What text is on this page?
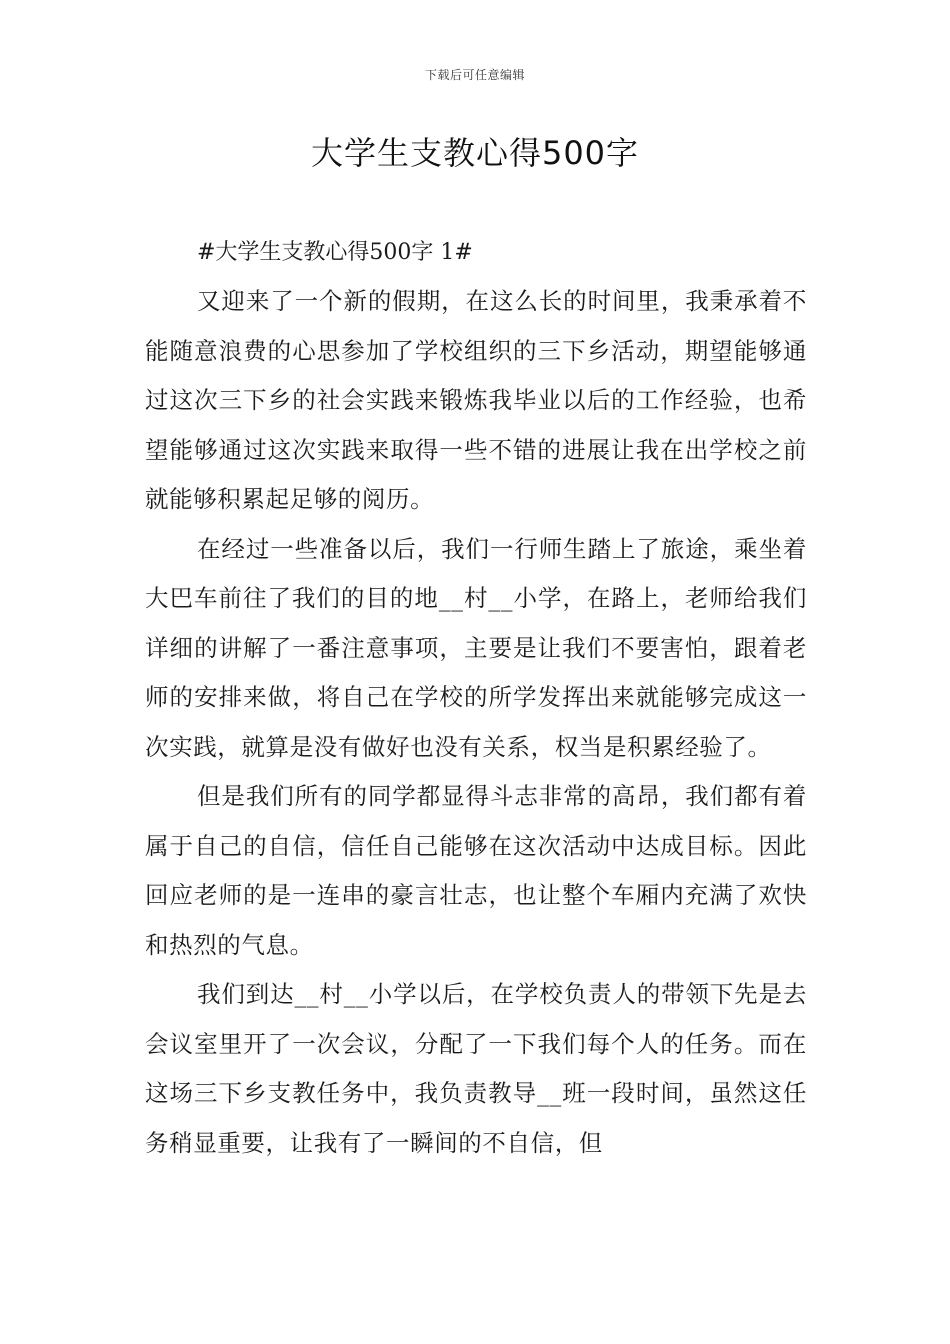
下载后可任意编辑
大学生支教心得500字

#大学生支教心得500字 1#

又迎来了一个新的假期，在这么长的时间里，我秉承着不能随意浪费的心思参加了学校组织的三下乡活动，期望能够通过这次三下乡的社会实践来锻炼我毕业以后的工作经验，也希望能够通过这次实践来取得一些不错的进展让我在出学校之前就能够积累起足够的阅历。

在经过一些准备以后，我们一行师生踏上了旅途，乘坐着大巴车前往了我们的目的地__村__小学，在路上，老师给我们详细的讲解了一番注意事项，主要是让我们不要害怕，跟着老师的安排来做，将自己在学校的所学发挥出来就能够完成这一次实践，就算是没有做好也没有关系，权当是积累经验了。

但是我们所有的同学都显得斗志非常的高昂，我们都有着属于自己的自信，信任自己能够在这次活动中达成目标。因此回应老师的是一连串的豪言壮志，也让整个车厢内充满了欢快和热烈的气息。

我们到达__村__小学以后，在学校负责人的带领下先是去会议室里开了一次会议，分配了一下我们每个人的任务。而在这场三下乡支教任务中，我负责教导__班一段时间，虽然这任务稍显重要，让我有了一瞬间的不自信，但
